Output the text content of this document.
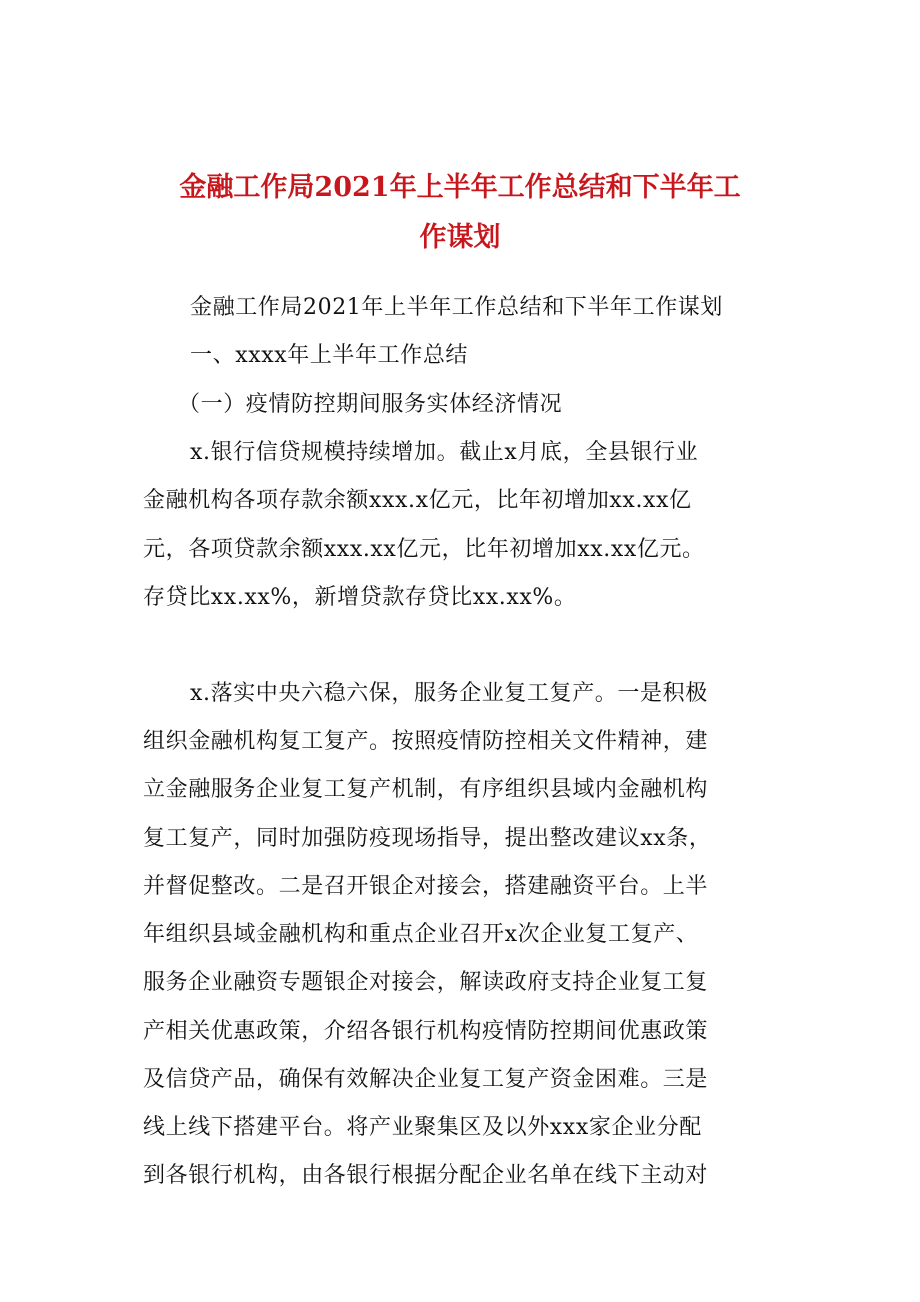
金融工作局2021年上半年工作总结和下半年工
作谋划
金融工作局2021年上半年工作总结和下半年工作谋划
一、xxxx年上半年工作总结
（一）疫情防控期间服务实体经济情况
x.银行信贷规模持续增加。截止x月底，全县银行业
金融机构各项存款余额xxx.x亿元，比年初增加xx.xx亿
元，各项贷款余额xxx.xx亿元，比年初增加xx.xx亿元。
存贷比xx.xx%，新增贷款存贷比xx.xx%。
x.落实中央六稳六保，服务企业复工复产。一是积极
组织金融机构复工复产。按照疫情防控相关文件精神，建
立金融服务企业复工复产机制，有序组织县域内金融机构
复工复产，同时加强防疫现场指导，提出整改建议xx条，
并督促整改。二是召开银企对接会，搭建融资平台。上半
年组织县域金融机构和重点企业召开x次企业复工复产、
服务企业融资专题银企对接会，解读政府支持企业复工复
产相关优惠政策，介绍各银行机构疫情防控期间优惠政策
及信贷产品，确保有效解决企业复工复产资金困难。三是
线上线下搭建平台。将产业聚集区及以外xxx家企业分配
到各银行机构，由各银行根据分配企业名单在线下主动对
